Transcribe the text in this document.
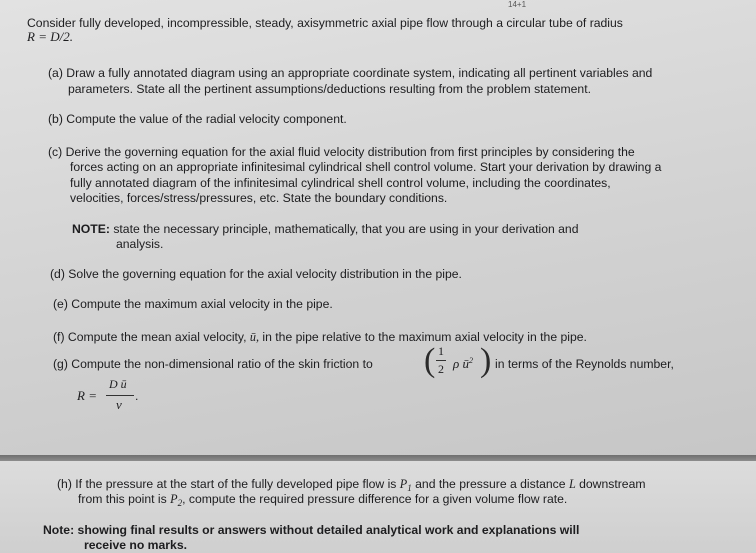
14+1
Consider fully developed, incompressible, steady, axisymmetric axial pipe flow through a circular tube of radius
R = D/2.
(a) Draw a fully annotated diagram using an appropriate coordinate system, indicating all pertinent variables and
parameters. State all the pertinent assumptions/deductions resulting from the problem statement.
(b) Compute the value of the radial velocity component.
(c) Derive the governing equation for the axial fluid velocity distribution from first principles by considering the
forces acting on an appropriate infinitesimal cylindrical shell control volume. Start your derivation by drawing a
fully annotated diagram of the infinitesimal cylindrical shell control volume, including the coordinates,
velocities, forces/stress/pressures, etc. State the boundary conditions.
NOTE: state the necessary principle, mathematically, that you are using in your derivation and
analysis.
(d) Solve the governing equation for the axial velocity distribution in the pipe.
(e) Compute the maximum axial velocity in the pipe.
(f) Compute the mean axial velocity, ū, in the pipe relative to the maximum axial velocity in the pipe.
(g) Compute the non-dimensional ratio of the skin friction to ( 1
2 ρ $ū^2$ ) in terms of the Reynolds number,
R =
D ū
ν
.
(h) If the pressure at the start of the fully developed pipe flow is $P_1$ and the pressure a distance L downstream
from this point is $P_2$, compute the required pressure difference for a given volume flow rate.
Note: showing final results or answers without detailed analytical work and explanations will
receive no marks.
